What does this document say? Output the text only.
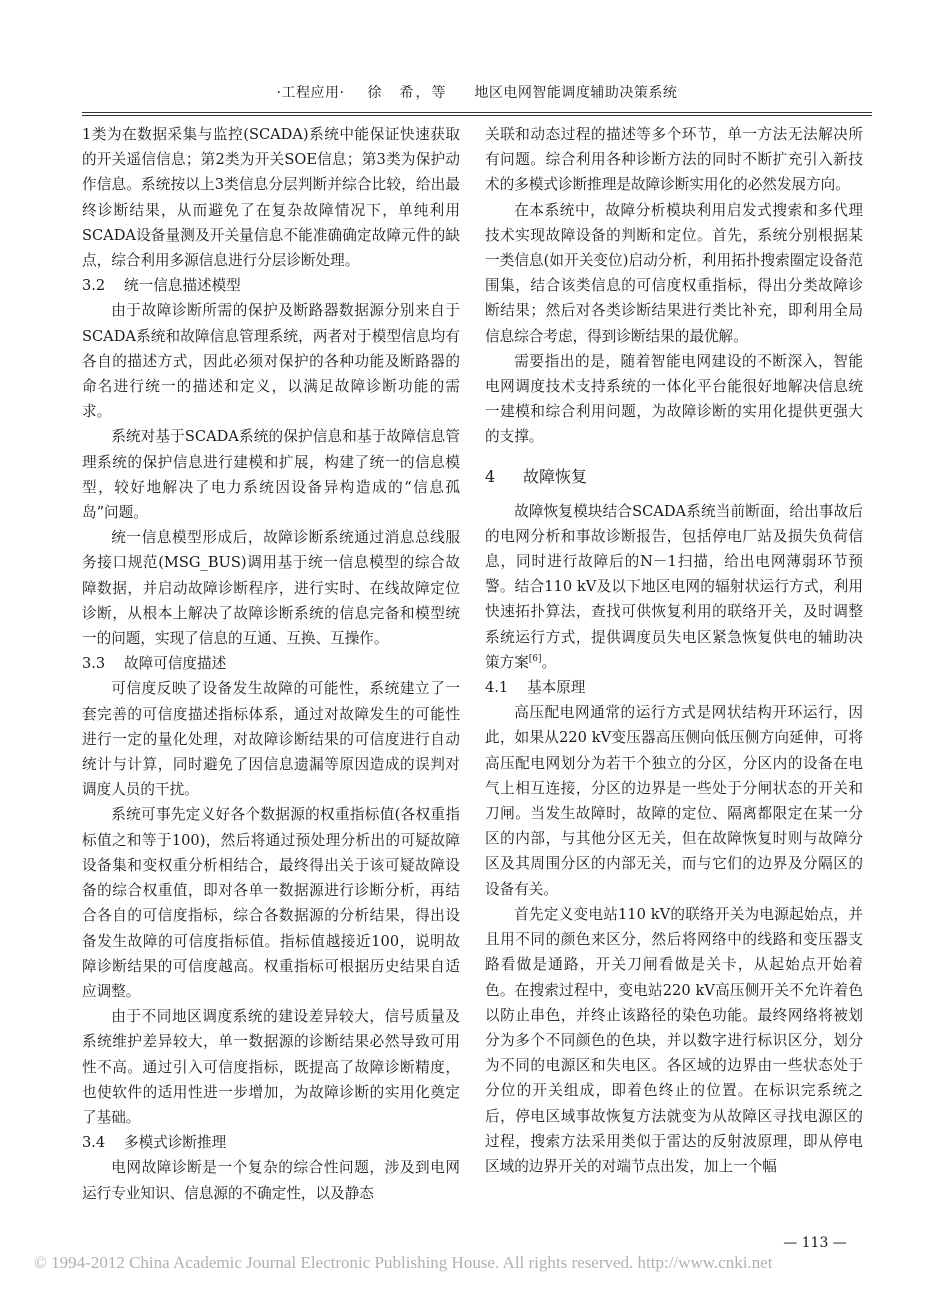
·工程应用· 徐　希，等 地区电网智能调度辅助决策系统

1类为在数据采集与监控(SCADA)系统中能保证快速获取的开关遥信信息；第2类为开关SOE信息；第3类为保护动作信息。系统按以上3类信息分层判断并综合比较，给出最终诊断结果，从而避免了在复杂故障情况下，单纯利用SCADA设备量测及开关量信息不能准确确定故障元件的缺点，综合利用多源信息进行分层诊断处理。

3.2 统一信息描述模型

由于故障诊断所需的保护及断路器数据源分别来自于SCADA系统和故障信息管理系统，两者对于模型信息均有各自的描述方式，因此必须对保护的各种功能及断路器的命名进行统一的描述和定义，以满足故障诊断功能的需求。

系统对基于SCADA系统的保护信息和基于故障信息管理系统的保护信息进行建模和扩展，构建了统一的信息模型，较好地解决了电力系统因设备异构造成的“信息孤岛”问题。

统一信息模型形成后，故障诊断系统通过消息总线服务接口规范(MSG_BUS)调用基于统一信息模型的综合故障数据，并启动故障诊断程序，进行实时、在线故障定位诊断，从根本上解决了故障诊断系统的信息完备和模型统一的问题，实现了信息的互通、互换、互操作。

3.3 故障可信度描述

可信度反映了设备发生故障的可能性，系统建立了一套完善的可信度描述指标体系，通过对故障发生的可能性进行一定的量化处理，对故障诊断结果的可信度进行自动统计与计算，同时避免了因信息遗漏等原因造成的误判对调度人员的干扰。

系统可事先定义好各个数据源的权重指标值(各权重指标值之和等于100)，然后将通过预处理分析出的可疑故障设备集和变权重分析相结合，最终得出关于该可疑故障设备的综合权重值，即对各单一数据源进行诊断分析，再结合各自的可信度指标，综合各数据源的分析结果，得出设备发生故障的可信度指标值。指标值越接近100，说明故障诊断结果的可信度越高。权重指标可根据历史结果自适应调整。

由于不同地区调度系统的建设差异较大，信号质量及系统维护差异较大，单一数据源的诊断结果必然导致可用性不高。通过引入可信度指标，既提高了故障诊断精度，也使软件的适用性进一步增加，为故障诊断的实用化奠定了基础。

3.4 多模式诊断推理

电网故障诊断是一个复杂的综合性问题，涉及到电网运行专业知识、信息源的不确定性，以及静态

关联和动态过程的描述等多个环节，单一方法无法解决所有问题。综合利用各种诊断方法的同时不断扩充引入新技术的多模式诊断推理是故障诊断实用化的必然发展方向。

在本系统中，故障分析模块利用启发式搜索和多代理技术实现故障设备的判断和定位。首先，系统分别根据某一类信息(如开关变位)启动分析，利用拓扑搜索圈定设备范围集，结合该类信息的可信度权重指标，得出分类故障诊断结果；然后对各类诊断结果进行类比补充，即利用全局信息综合考虑，得到诊断结果的最优解。

需要指出的是，随着智能电网建设的不断深入，智能电网调度技术支持系统的一体化平台能很好地解决信息统一建模和综合利用问题，为故障诊断的实用化提供更强大的支撑。

4 故障恢复

故障恢复模块结合SCADA系统当前断面，给出事故后的电网分析和事故诊断报告，包括停电厂站及损失负荷信息，同时进行故障后的N－1扫描，给出电网薄弱环节预警。结合110 kV及以下地区电网的辐射状运行方式，利用快速拓扑算法，查找可供恢复利用的联络开关，及时调整系统运行方式，提供调度员失电区紧急恢复供电的辅助决策方案[6]。

4.1 基本原理

高压配电网通常的运行方式是网状结构开环运行，因此，如果从220 kV变压器高压侧向低压侧方向延伸，可将高压配电网划分为若干个独立的分区，分区内的设备在电气上相互连接，分区的边界是一些处于分闸状态的开关和刀闸。当发生故障时，故障的定位、隔离都限定在某一分区的内部，与其他分区无关，但在故障恢复时则与故障分区及其周围分区的内部无关，而与它们的边界及分隔区的设备有关。

首先定义变电站110 kV的联络开关为电源起始点，并且用不同的颜色来区分，然后将网络中的线路和变压器支路看做是通路，开关刀闸看做是关卡，从起始点开始着色。在搜索过程中，变电站220 kV高压侧开关不允许着色以防止串色，并终止该路径的染色功能。最终网络将被划分为多个不同颜色的色块，并以数字进行标识区分，划分为不同的电源区和失电区。各区域的边界由一些状态处于分位的开关组成，即着色终止的位置。在标识完系统之后，停电区域事故恢复方法就变为从故障区寻找电源区的过程，搜索方法采用类似于雷达的反射波原理，即从停电区域的边界开关的对端节点出发，加上一个幅

— 113 —
© 1994-2012 China Academic Journal Electronic Publishing House. All rights reserved. http://www.cnki.net
